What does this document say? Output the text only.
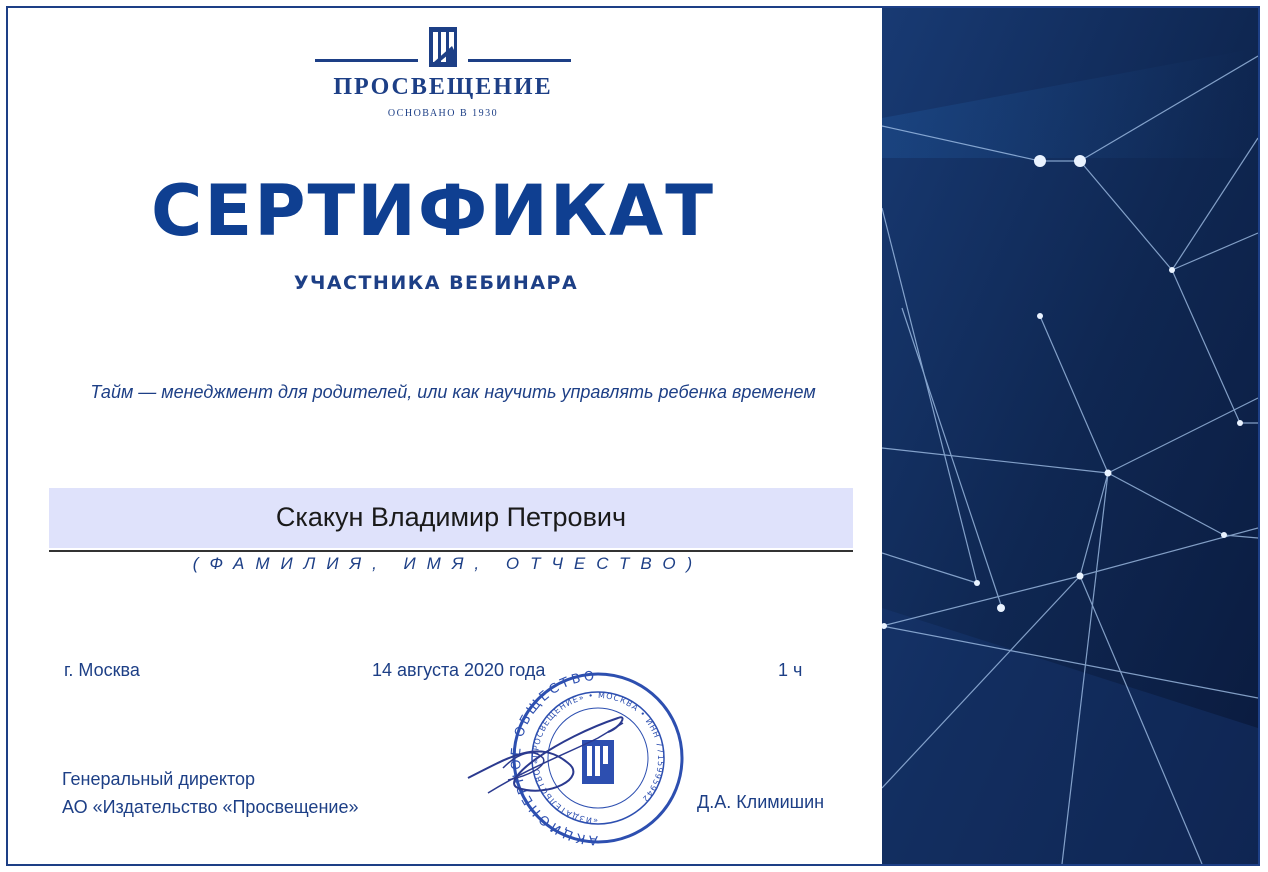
ПРОСВЕЩЕНИЕ
ОСНОВАНО В 1930
СЕРТИФИКАТ
УЧАСТНИКА ВЕБИНАРА
Тайм — менеджмент для родителей, или как научить управлять ребенка временем
Скакун Владимир Петрович
(ФАМИЛИЯ, ИМЯ, ОТЧЕСТВО)
г. Москва	14 августа 2020 года	1 ч
Генеральный директор
АО «Издательство «Просвещение»	Д.А. Климишин
АКЦИОНЕРНОЕ ОБЩЕСТВО
«ИЗДАТЕЛЬСТВО «ПРОСВЕЩЕНИЕ» • МОСКВА • ИНН 7715995942
